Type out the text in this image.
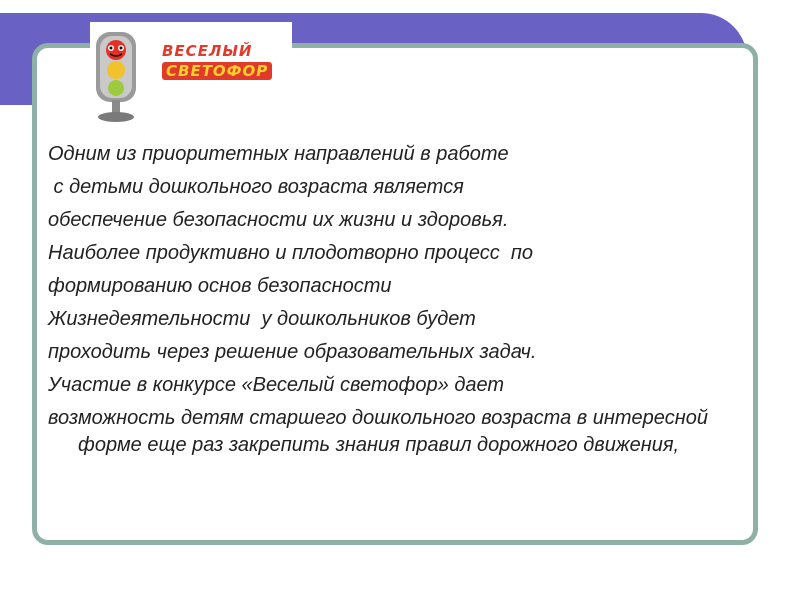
ВЕСЕЛЫЙ
СВЕТОФОР
Одним из приоритетных направлений в работе
с детьми дошкольного возраста является
обеспечение безопасности их жизни и здоровья.
Наиболее продуктивно и плодотворно процесс  по
формированию основ безопасности
Жизнедеятельности  у дошкольников будет
проходить через решение образовательных задач.
Участие в конкурсе «Веселый светофор» дает
возможность детям старшего дошкольного возраста в интересной форме еще раз закрепить знания правил дорожного движения,
